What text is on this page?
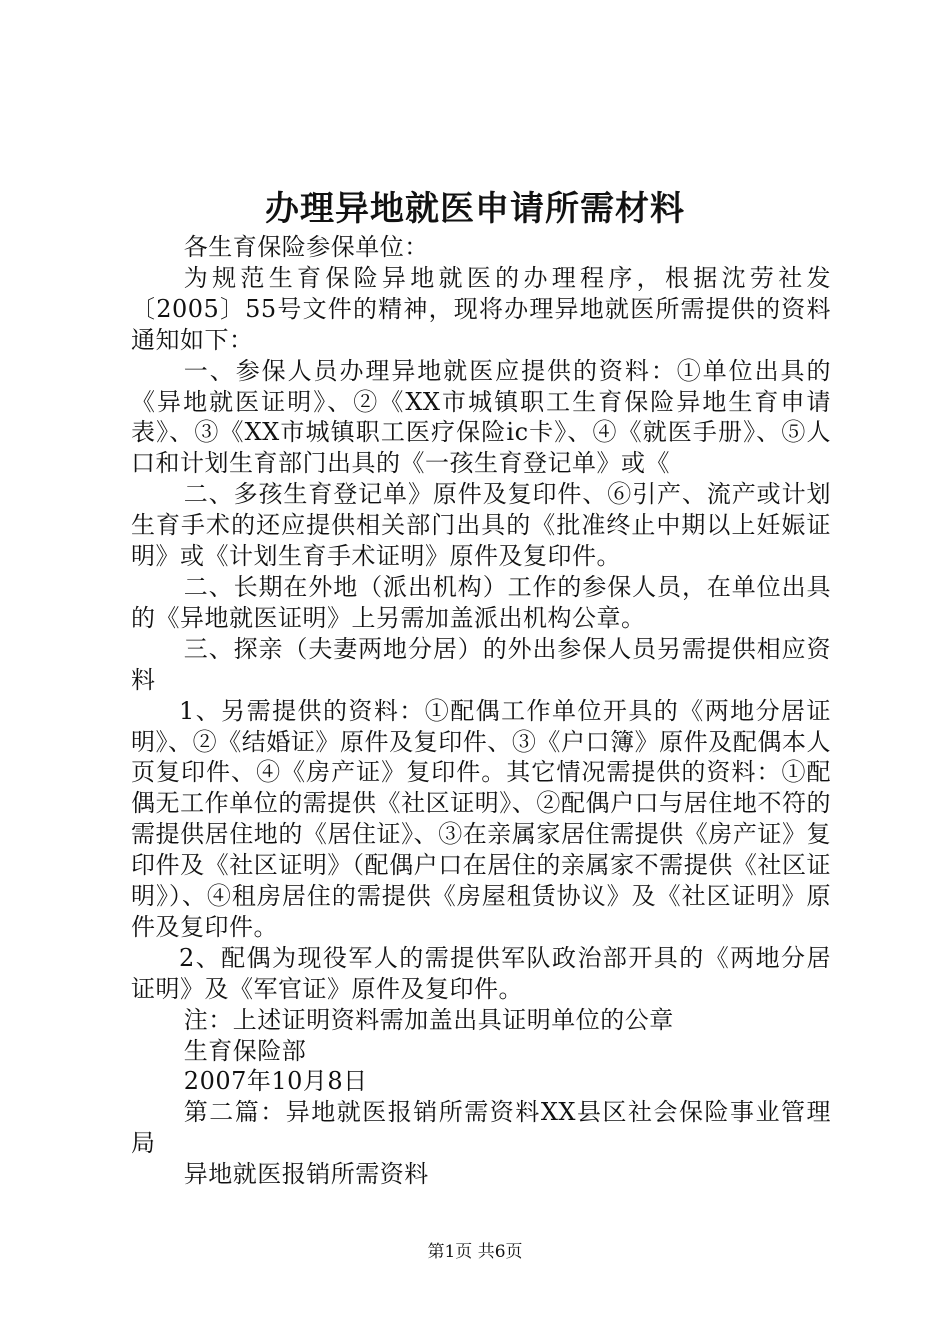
办理异地就医申请所需材料

各生育保险参保单位：

为规范生育保险异地就医的办理程序，根据沈劳社发〔2005〕55号文件的精神，现将办理异地就医所需提供的资料通知如下：

一、参保人员办理异地就医应提供的资料：①单位出具的《异地就医证明》、②《XX市城镇职工生育保险异地生育申请表》、③《XX市城镇职工医疗保险ic卡》、④《就医手册》、⑤人口和计划生育部门出具的《一孩生育登记单》或《

二、多孩生育登记单》原件及复印件、⑥引产、流产或计划生育手术的还应提供相关部门出具的《批准终止中期以上妊娠证明》或《计划生育手术证明》原件及复印件。

二、长期在外地（派出机构）工作的参保人员，在单位出具的《异地就医证明》上另需加盖派出机构公章。

三、探亲（夫妻两地分居）的外出参保人员另需提供相应资料

1、另需提供的资料：①配偶工作单位开具的《两地分居证明》、②《结婚证》原件及复印件、③《户口簿》原件及配偶本人页复印件、④《房产证》复印件。其它情况需提供的资料：①配偶无工作单位的需提供《社区证明》、②配偶户口与居住地不符的需提供居住地的《居住证》、③在亲属家居住需提供《房产证》复印件及《社区证明》（配偶户口在居住的亲属家不需提供《社区证明》）、④租房居住的需提供《房屋租赁协议》及《社区证明》原件及复印件。

2、配偶为现役军人的需提供军队政治部开具的《两地分居证明》及《军官证》原件及复印件。

注：上述证明资料需加盖出具证明单位的公章

生育保险部

2007年10月8日

第二篇：异地就医报销所需资料XX县区社会保险事业管理局

异地就医报销所需资料

第1页 共6页
